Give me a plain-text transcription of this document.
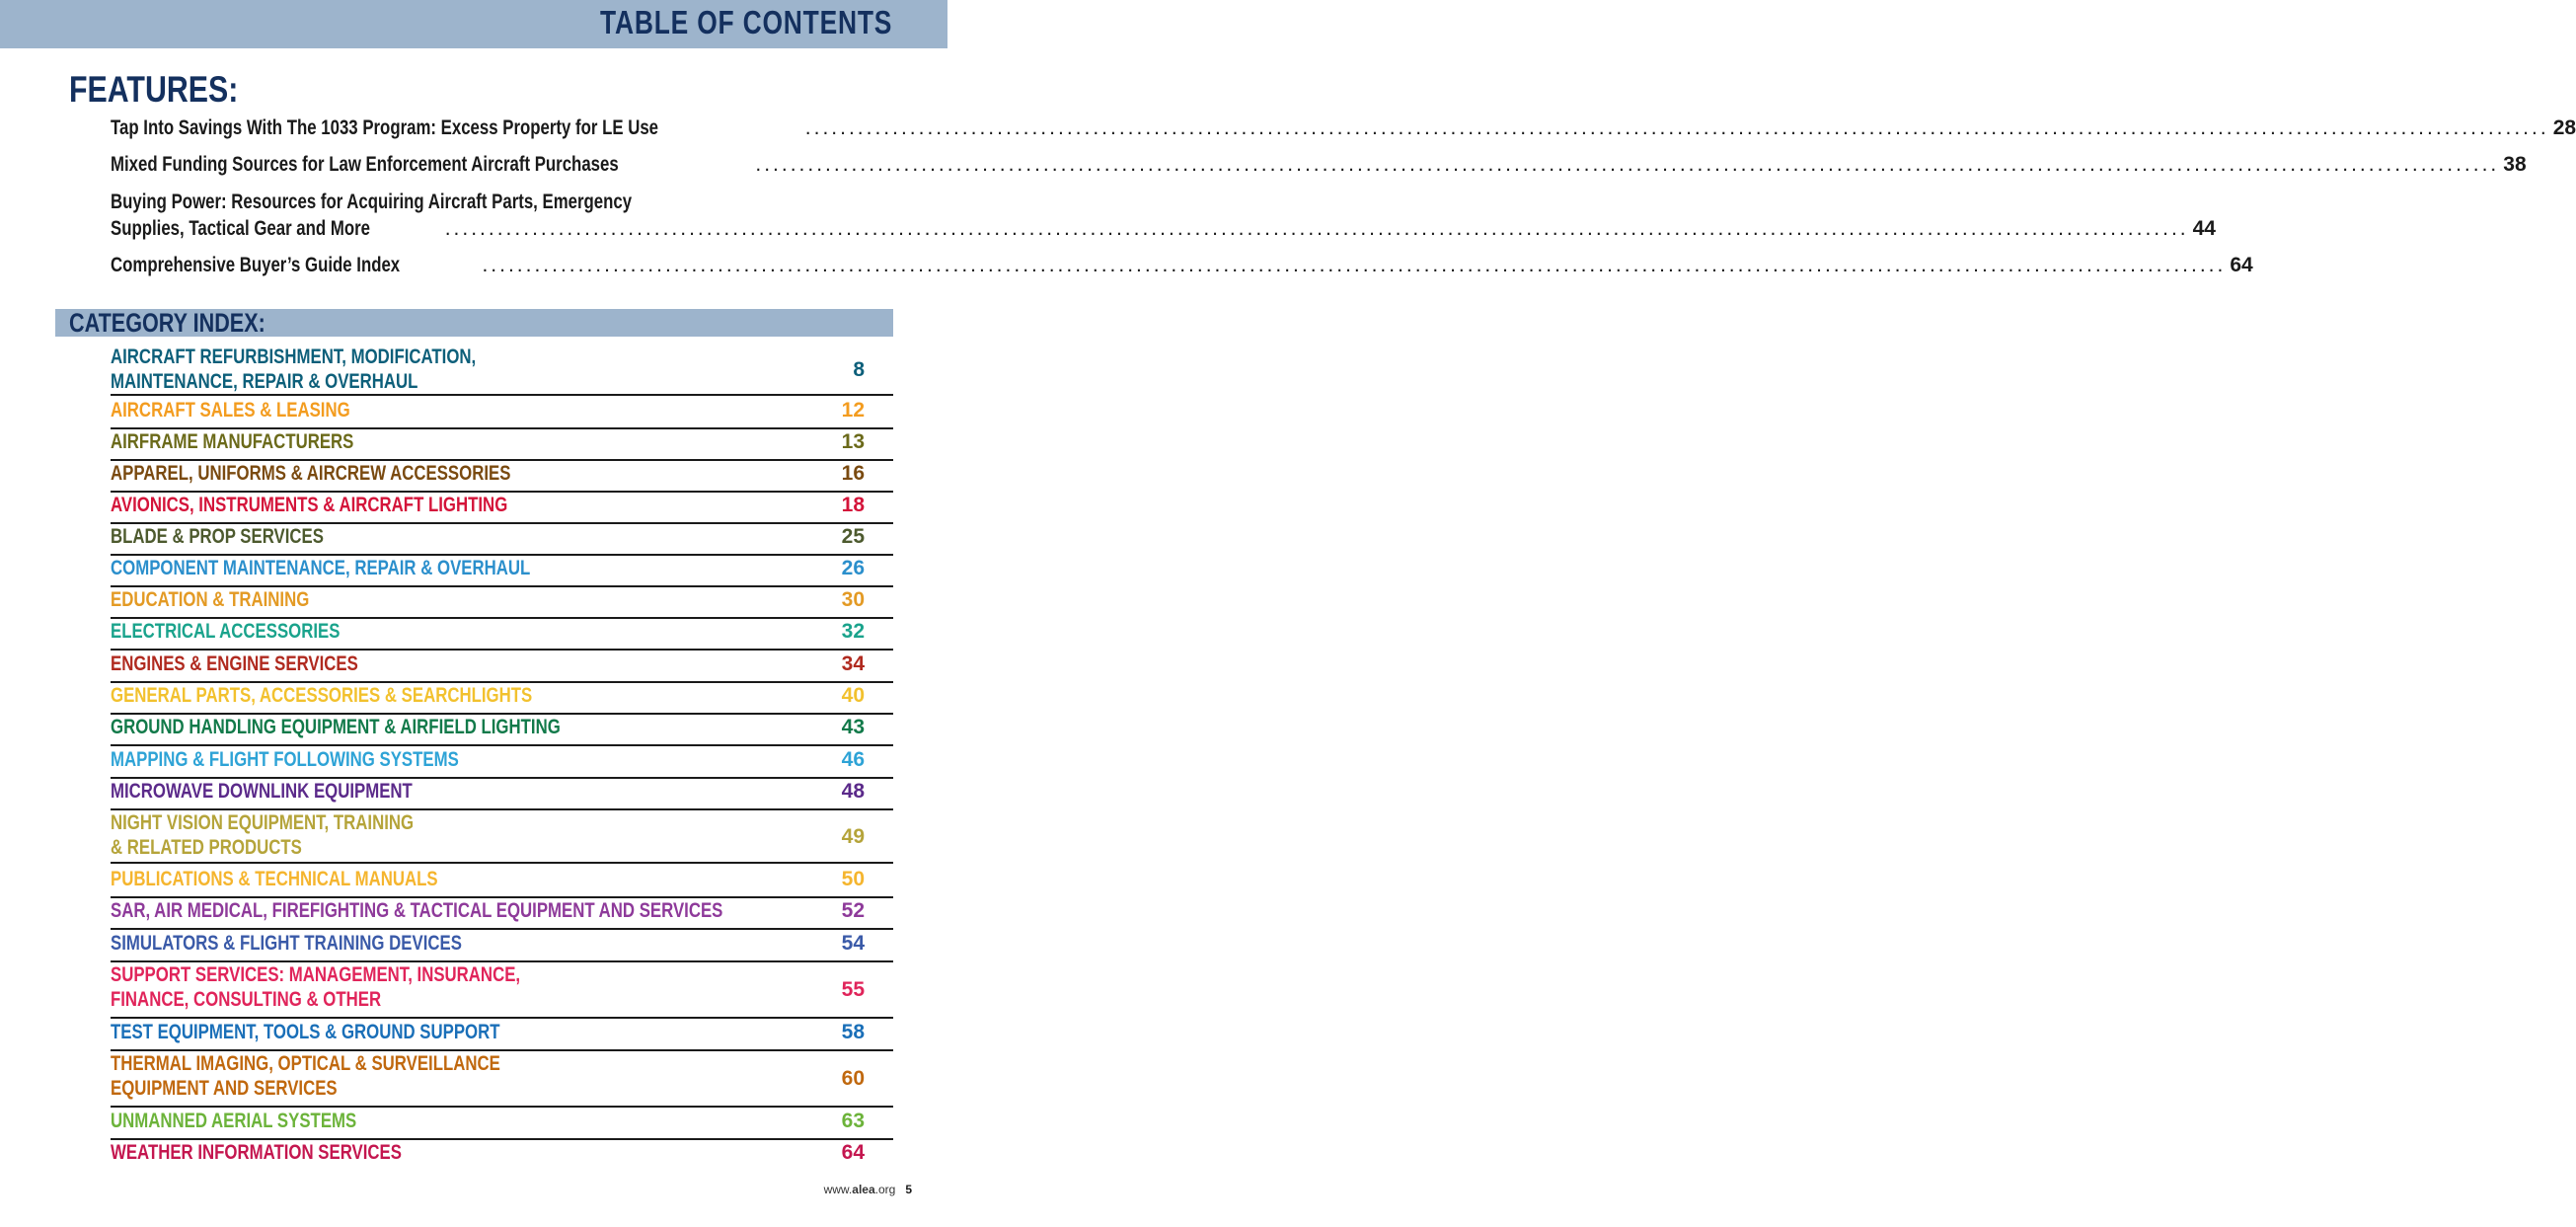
TABLE OF CONTENTS
FEATURES:
Tap Into Savings With The 1033 Program: Excess Property for LE Use	........................................................................................................................................................................................................ 28
Mixed Funding Sources for Law Enforcement Aircraft Purchases	........................................................................................................................................................................................................ 38
Buying Power: Resources for Acquiring Aircraft Parts, Emergency
Supplies, Tactical Gear and More	........................................................................................................................................................................................................ 44
Comprehensive Buyer’s Guide Index	........................................................................................................................................................................................................ 64
CATEGORY INDEX:
AIRCRAFT REFURBISHMENT, MODIFICATION,
MAINTENANCE, REPAIR & OVERHAUL
8
AIRCRAFT SALES & LEASING	12
AIRFRAME MANUFACTURERS	13
APPAREL, UNIFORMS & AIRCREW ACCESSORIES	16
AVIONICS, INSTRUMENTS & AIRCRAFT LIGHTING	18
BLADE & PROP SERVICES	25
COMPONENT MAINTENANCE, REPAIR & OVERHAUL	26
EDUCATION & TRAINING	30
ELECTRICAL ACCESSORIES	32
ENGINES & ENGINE SERVICES	34
GENERAL PARTS, ACCESSORIES & SEARCHLIGHTS	40
GROUND HANDLING EQUIPMENT & AIRFIELD LIGHTING	43
MAPPING & FLIGHT FOLLOWING SYSTEMS	46
MICROWAVE DOWNLINK EQUIPMENT	48
NIGHT VISION EQUIPMENT, TRAINING
& RELATED PRODUCTS	49
PUBLICATIONS & TECHNICAL MANUALS	50
SAR, AIR MEDICAL, FIREFIGHTING & TACTICAL EQUIPMENT AND SERVICES	52
SIMULATORS & FLIGHT TRAINING DEVICES	54
SUPPORT SERVICES: MANAGEMENT, INSURANCE,
FINANCE, CONSULTING & OTHER	55
TEST EQUIPMENT, TOOLS & GROUND SUPPORT	58
THERMAL IMAGING, OPTICAL & SURVEILLANCE
EQUIPMENT AND SERVICES	60
UNMANNED AERIAL SYSTEMS	63
WEATHER INFORMATION SERVICES	64
www.alea.org 5
